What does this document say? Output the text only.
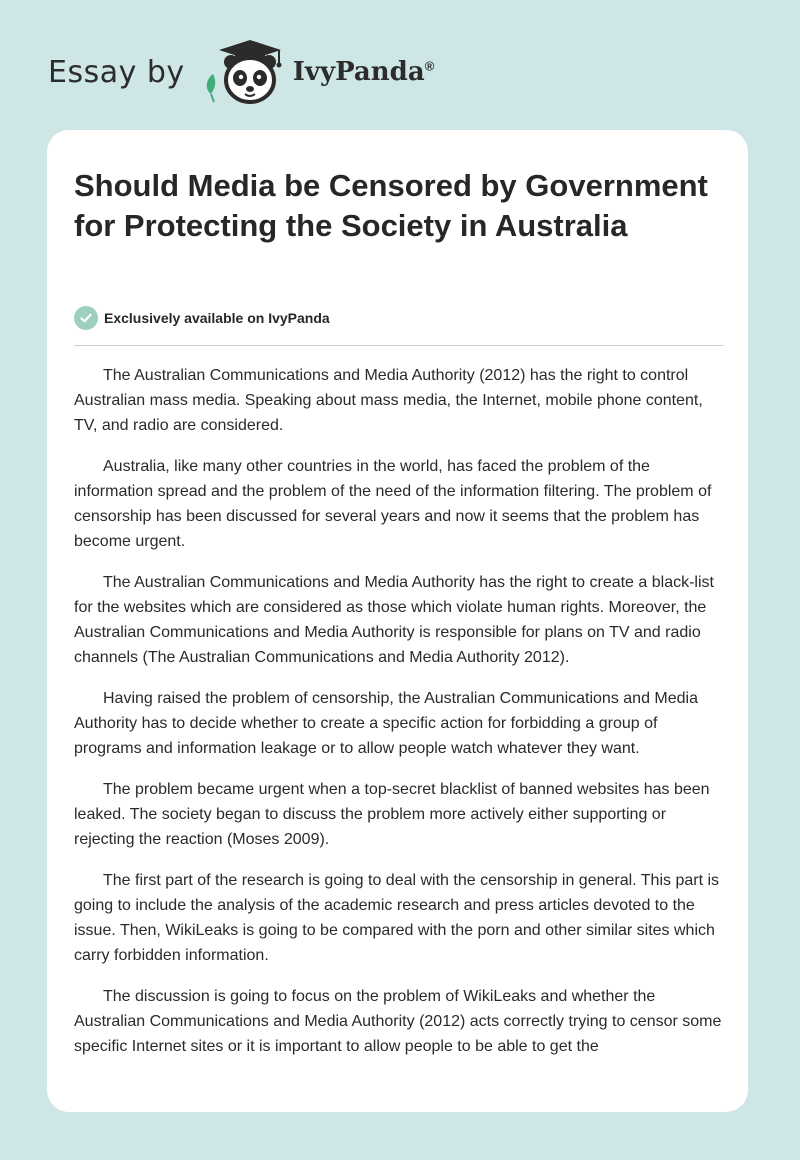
Essay by	IvyPanda®
Should Media be Censored by Government for Protecting the Society in Australia
Exclusively available on IvyPanda

The Australian Communications and Media Authority (2012) has the right to control Australian mass media. Speaking about mass media, the Internet, mobile phone content, TV, and radio are considered.

Australia, like many other countries in the world, has faced the problem of the information spread and the problem of the need of the information filtering. The problem of censorship has been discussed for several years and now it seems that the problem has become urgent.

The Australian Communications and Media Authority has the right to create a black-list for the websites which are considered as those which violate human rights. Moreover, the Australian Communications and Media Authority is responsible for plans on TV and radio channels (The Australian Communications and Media Authority 2012).

Having raised the problem of censorship, the Australian Communications and Media Authority has to decide whether to create a specific action for forbidding a group of programs and information leakage or to allow people watch whatever they want.

The problem became urgent when a top-secret blacklist of banned websites has been leaked. The society began to discuss the problem more actively either supporting or rejecting the reaction (Moses 2009).

The first part of the research is going to deal with the censorship in general. This part is going to include the analysis of the academic research and press articles devoted to the issue. Then, WikiLeaks is going to be compared with the porn and other similar sites which carry forbidden information.

The discussion is going to focus on the problem of WikiLeaks and whether the Australian Communications and Media Authority (2012) acts correctly trying to censor some specific Internet sites or it is important to allow people to be able to get the
